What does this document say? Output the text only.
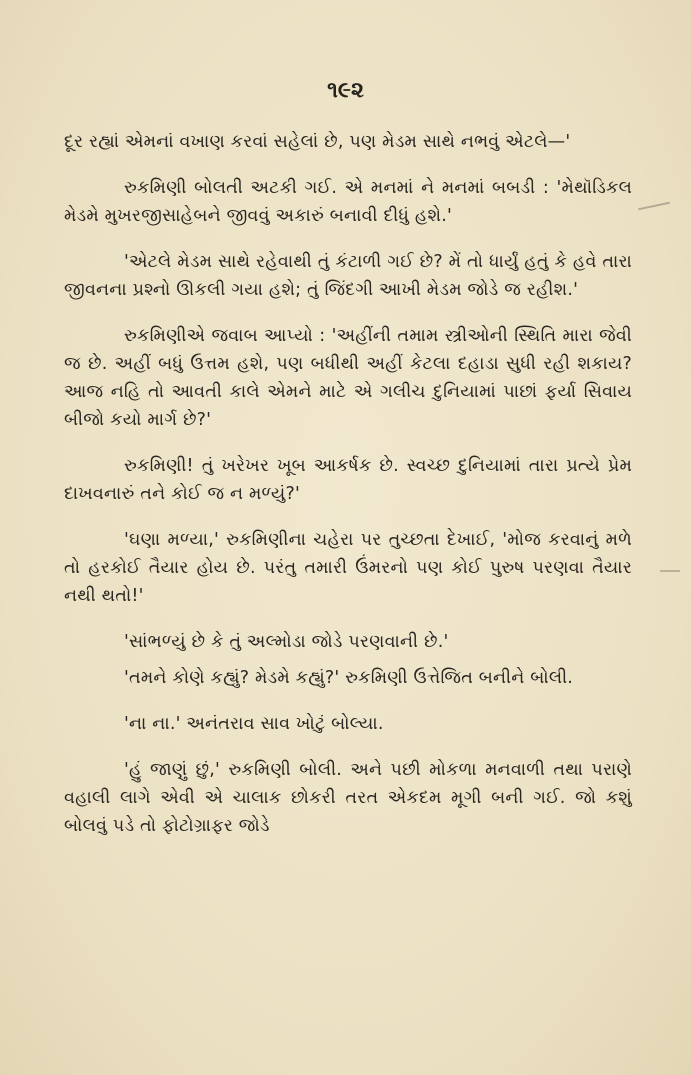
૧૯૨

દૂર રહ્યાં એમનાં વખાણ કરવાં સહેલાં છે, પણ મેડમ સાથે નભવું એટલે—'

રુકમિણી બોલતી અટકી ગઈ. એ મનમાં ને મનમાં બબડી : 'મેથૉડિકલ મેડમે મુખરજીસાહેબને જીવવું અકારું બનાવી દીધું હશે.'

'એટલે મેડમ સાથે રહેવાથી તું કંટાળી ગઈ છે? મેં તો ધાર્યું હતું કે હવે તારા જીવનના પ્રશ્નો ઊકલી ગયા હશે; તું જિંદગી આખી મેડમ જોડે જ રહીશ.'

રુકમિણીએ જવાબ આપ્યો : 'અહીંની તમામ સ્ત્રીઓની સ્થિતિ મારા જેવી જ છે. અહીં બધું ઉત્તમ હશે, પણ બધીથી અહીં કેટલા દહાડા સુધી રહી શકાય? આજ નહિ તો આવતી કાલે એમને માટે એ ગલીચ દુનિયામાં પાછાં ફર્યા સિવાય બીજો કયો માર્ગ છે?'

રુકમિણી! તું ખરેખર ખૂબ આકર્ષક છે. સ્વચ્છ દુનિયામાં તારા પ્રત્યે પ્રેમ દાખવનારું તને કોઈ જ ન મળ્યું?'

'ઘણા મળ્યા,' રુકમિણીના ચહેરા પર તુચ્છતા દેખાઈ, 'મોજ કરવાનું મળે તો હરકોઈ તૈયાર હોય છે. પરંતુ તમારી ઉંમરનો પણ કોઈ પુરુષ પરણવા તૈયાર નથી થતો!'

'સાંભળ્યું છે કે તું અલ્મોડા જોડે પરણવાની છે.'

'તમને કોણે કહ્યું? મેડમે કહ્યું?' રુકમિણી ઉત્તેજિત બનીને બોલી.

'ના ના.' અનંતરાવ સાવ ખોટું બોલ્યા.

'હું જાણું છું,' રુકમિણી બોલી. અને પછી મોકળા મનવાળી તથા પરાણે વહાલી લાગે એવી એ ચાલાક છોકરી તરત એકદમ મૂગી બની ગઈ. જો કશું બોલવું પડે તો ફોટોગ્રાફર જોડે
